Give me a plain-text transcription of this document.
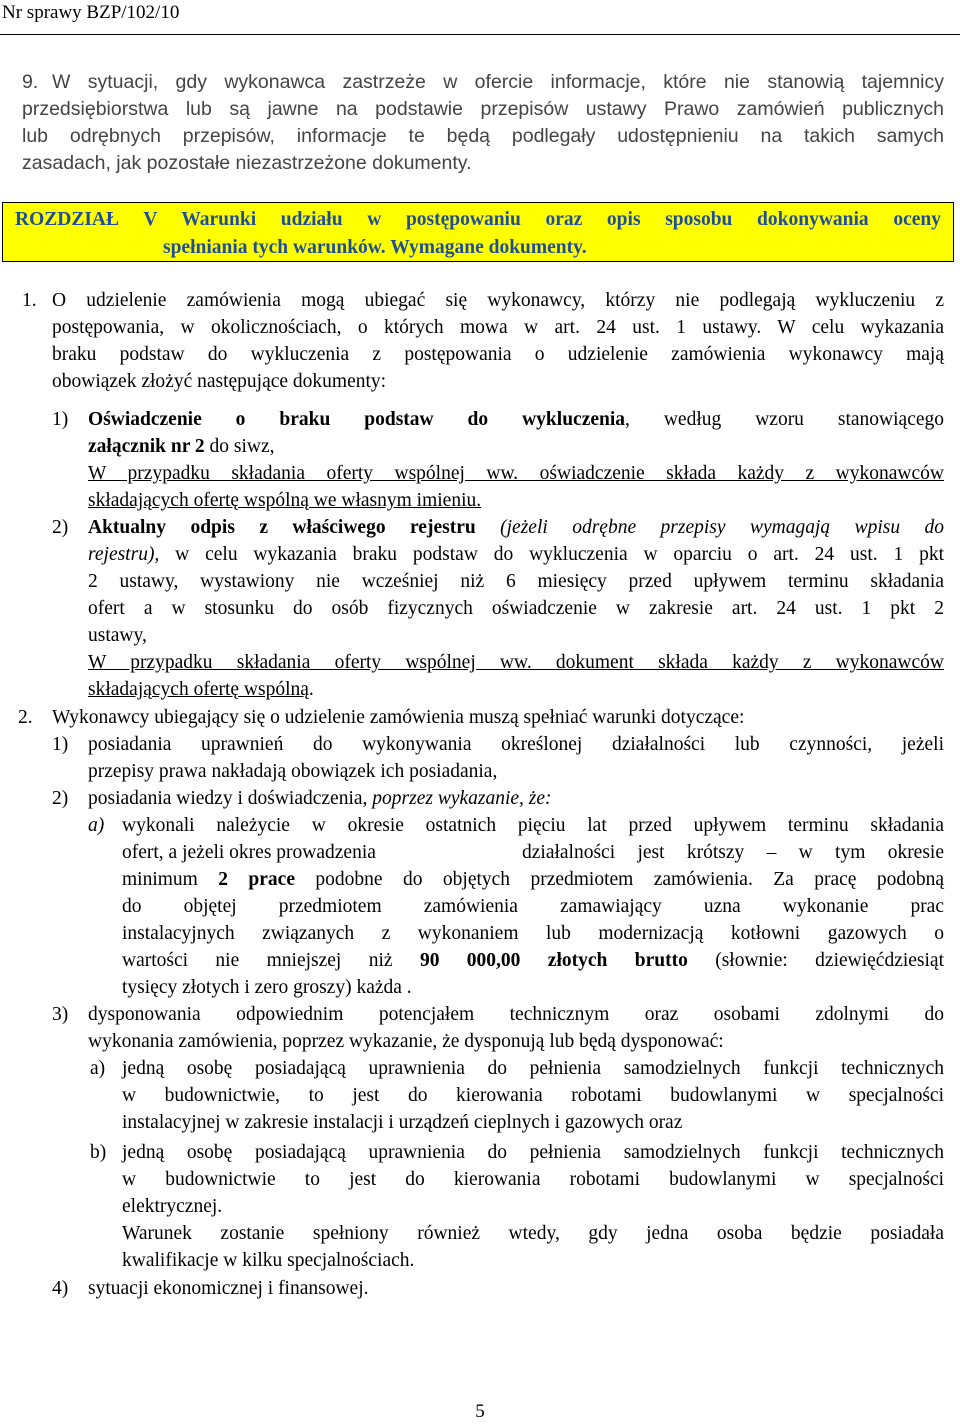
Nr sprawy BZP/102/10
9. W sytuacji, gdy wykonawca zastrzeże w ofercie informacje, które nie stanowią tajemnicy
przedsiębiorstwa lub są jawne na podstawie przepisów ustawy Prawo zamówień publicznych
lub odrębnych przepisów, informacje te będą podlegały udostępnieniu na takich samych
zasadach, jak pozostałe niezastrzeżone dokumenty.
ROZDZIAŁ V Warunki udziału w postępowaniu oraz opis sposobu dokonywania oceny
spełniania tych warunków. Wymagane dokumenty.
1. O udzielenie zamówienia mogą ubiegać się wykonawcy, którzy nie podlegają wykluczeniu z
postępowania, w okolicznościach, o których mowa w art. 24 ust. 1 ustawy. W celu wykazania
braku podstaw do wykluczenia z postępowania o udzielenie zamówienia wykonawcy mają
obowiązek złożyć następujące dokumenty:
1) Oświadczenie o braku podstaw do wykluczenia, według wzoru stanowiącego
załącznik nr 2 do siwz,
W przypadku składania oferty wspólnej ww. oświadczenie składa każdy z wykonawców
składających ofertę wspólną we własnym imieniu.
2) Aktualny odpis z właściwego rejestru (jeżeli odrębne przepisy wymagają wpisu do
rejestru), w celu wykazania braku podstaw do wykluczenia w oparciu o art. 24 ust. 1 pkt
2 ustawy, wystawiony nie wcześniej niż 6 miesięcy przed upływem terminu składania
ofert a w stosunku do osób fizycznych oświadczenie w zakresie art. 24 ust. 1 pkt 2
ustawy,
W przypadku składania oferty wspólnej ww. dokument składa każdy z wykonawców
składających ofertę wspólną.
2. Wykonawcy ubiegający się o udzielenie zamówienia muszą spełniać warunki dotyczące:
1) posiadania uprawnień do wykonywania określonej działalności lub czynności, jeżeli
przepisy prawa nakładają obowiązek ich posiadania,
2) posiadania wiedzy i doświadczenia, poprzez wykazanie, że:
a) wykonali należycie w okresie ostatnich pięciu lat przed upływem terminu składania
ofert, a jeżeli okres prowadzenia	działalności jest krótszy – w tym okresie
minimum 2 prace podobne do objętych przedmiotem zamówienia. Za pracę podobną
do objętej przedmiotem zamówienia zamawiający uzna wykonanie prac
instalacyjnych związanych z wykonaniem lub modernizacją kotłowni gazowych o
wartości nie mniejszej niż 90 000,00 złotych brutto (słownie: dziewięćdziesiąt
tysięcy złotych i zero groszy) każda .
3) dysponowania odpowiednim potencjałem technicznym oraz osobami zdolnymi do
wykonania zamówienia, poprzez wykazanie, że dysponują lub będą dysponować:
a) jedną osobę posiadającą uprawnienia do pełnienia samodzielnych funkcji technicznych
w budownictwie, to jest do kierowania robotami budowlanymi w specjalności
instalacyjnej w zakresie instalacji i urządzeń cieplnych i gazowych oraz
b) jedną osobę posiadającą uprawnienia do pełnienia samodzielnych funkcji technicznych
w budownictwie to jest do kierowania robotami budowlanymi w specjalności
elektrycznej.
Warunek zostanie spełniony również wtedy, gdy jedna osoba będzie posiadała
kwalifikacje w kilku specjalnościach.
4) sytuacji ekonomicznej i finansowej.
5
